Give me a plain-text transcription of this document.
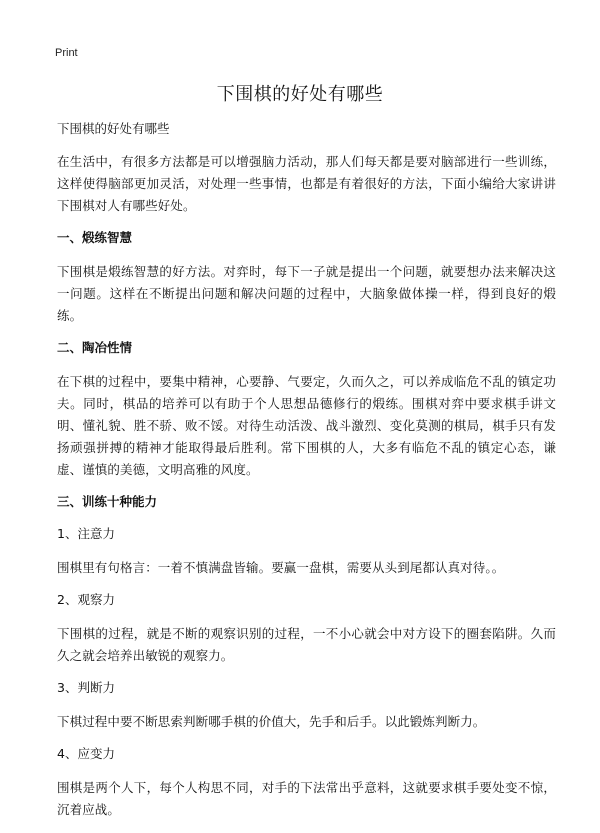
Print
下围棋的好处有哪些
下围棋的好处有哪些

在生活中，有很多方法都是可以增强脑力活动，那人们每天都是要对脑部进行一些训练，这样使得脑部更加灵活，对处理一些事情，也都是有着很好的方法，下面小编给大家讲讲下围棋对人有哪些好处。

一、煅练智慧

下围棋是煅练智慧的好方法。对弈时，每下一子就是提出一个问题，就要想办法来解决这一问题。这样在不断提出问题和解决问题的过程中，大脑象做体操一样，得到良好的煅练。

二、陶冶性情

在下棋的过程中，要集中精神，心要静、气要定，久而久之，可以养成临危不乱的镇定功夫。同时，棋品的培养可以有助于个人思想品德修行的煅练。围棋对弈中要求棋手讲文明、懂礼貌、胜不骄、败不馁。对待生动活泼、战斗激烈、变化莫测的棋局，棋手只有发扬顽强拼搏的精神才能取得最后胜利。常下围棋的人，大多有临危不乱的镇定心态，谦虚、谨慎的美德，文明高雅的风度。

三、训练十种能力
1、注意力

围棋里有句格言：一着不慎满盘皆输。要赢一盘棋，需要从头到尾都认真对待。。

2、观察力

下围棋的过程，就是不断的观察识别的过程，一不小心就会中对方设下的圈套陷阱。久而久之就会培养出敏锐的观察力。

3、判断力

下棋过程中要不断思索判断哪手棋的价值大，先手和后手。以此锻炼判断力。

4、应变力

围棋是两个人下，每个人构思不同，对手的下法常出乎意料，这就要求棋手要处变不惊，沉着应战。
